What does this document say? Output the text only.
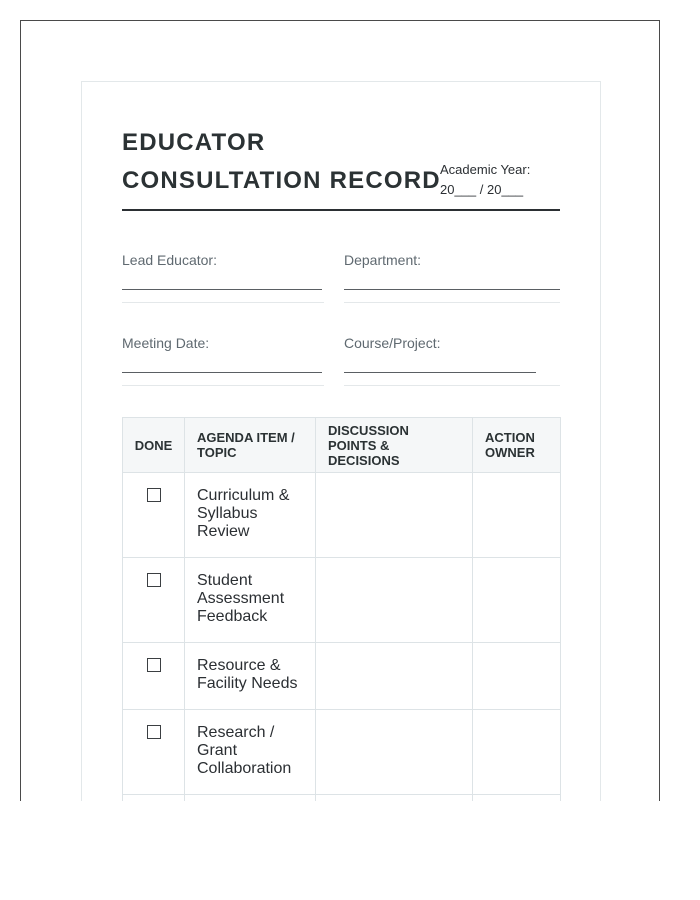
EDUCATOR
CONSULTATION RECORD Academic Year:
20___ / 20___
Lead Educator:	Department:
Meeting Date:	Course/Project:
DONE	AGENDA ITEM / TOPIC	DISCUSSION POINTS & DECISIONS	ACTION OWNER

	Curriculum & Syllabus Review		

	Student Assessment Feedback		

	Resource & Facility Needs		

	Research / Grant Collaboration		
